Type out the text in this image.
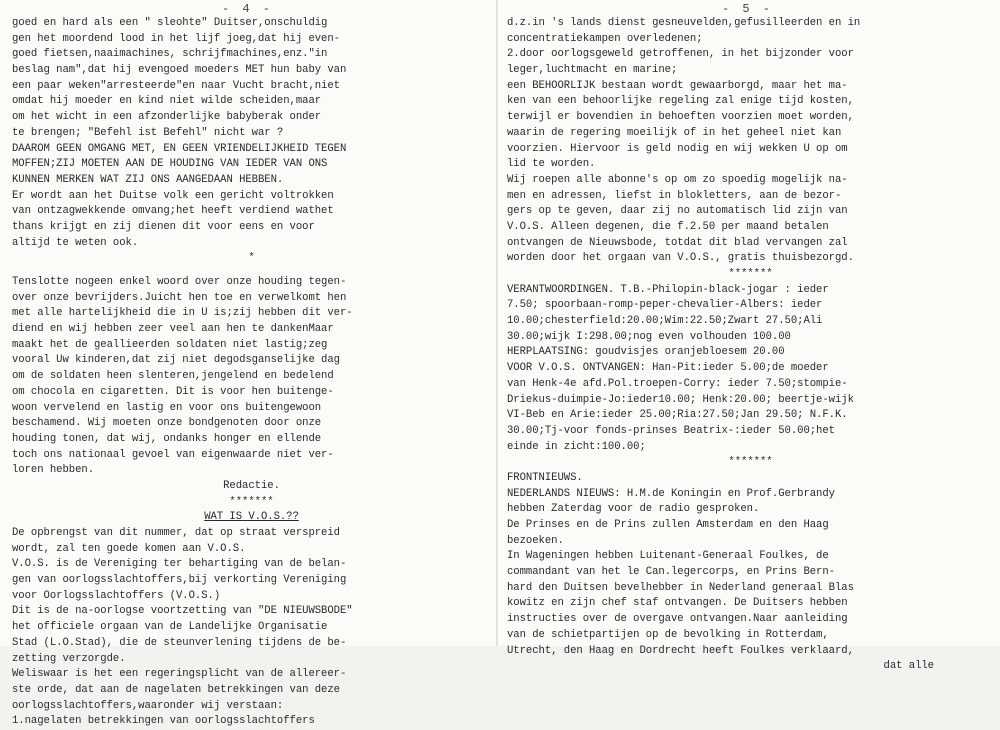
- 4 -	- 5 -
goed en hard als een " sleohte" Duitser,onschuldig
gen het moordend lood in het lijf joeg,dat hij even-
goed fietsen,naaimachines, schrijfmachines,enz."in
beslag nam",dat hij evengoed moeders MET hun baby van
een paar weken"arresteerde"en naar Vucht bracht,niet
omdat hij moeder en kind niet wilde scheiden,maar
om het wicht in een afzonderlijke babyberak onder
te brengen; "Befehl ist Befehl" nicht war ?
DAAROM GEEN OMGANG MET, EN GEEN VRIENDELIJKHEID TEGEN
MOFFEN;ZIJ MOETEN AAN DE HOUDING VAN IEDER VAN ONS
KUNNEN MERKEN WAT ZIJ ONS AANGEDAAN HEBBEN.
Er wordt aan het Duitse volk een gericht voltrokken
van ontzagwekkende omvang;het heeft verdiend wathet
thans krijgt en zij dienen dit voor eens en voor
altijd te weten ook.
*
Tenslotte nogeen enkel woord over onze houding tegen-
over onze bevrijders.Juicht hen toe en verwelkomt hen
met alle hartelijkheid die in U is;zij hebben dit ver-
diend en wij hebben zeer veel aan hen te dankenMaar
maakt het de geallieerden soldaten niet lastig;zeg
vooral Uw kinderen,dat zij niet degodsganselijke dag
om de soldaten heen slenteren,jengelend en bedelend
om chocola en cigaretten. Dit is voor hen buitenge-
woon vervelend en lastig en voor ons buitengewoon
beschamend. Wij moeten onze bondgenoten door onze
houding tonen, dat wij, ondanks honger en ellende
toch ons nationaal gevoel van eigenwaarde niet ver-
loren hebben.
Redactie.
*******
WAT IS V.O.S.??
De opbrengst van dit nummer, dat op straat verspreid
wordt, zal ten goede komen aan V.O.S.
V.O.S. is de Vereniging ter behartiging van de belan-
gen van oorlogsslachtoffers,bij verkorting Vereniging
voor Oorlogsslachtoffers (V.O.S.)
Dit is de na-oorlogse voortzetting van "DE NIEUWSBODE"
het officiele orgaan van de Landelijke Organisatie
Stad (L.O.Stad), die de steunverlening tijdens de be-
zetting verzorgde.
Weliswaar is het een regeringsplicht van de allereer-
ste orde, dat aan de nagelaten betrekkingen van deze
oorlogsslachtoffers,waaronder wij verstaan:
1.nagelaten betrekkingen van oorlogsslachtoffers
d.z.in 's lands dienst gesneuvelden,gefusilleerden en in
concentratiekampen overledenen;
2.door oorlogsgeweld getroffenen, in het bijzonder voor
leger,luchtmacht en marine;
een BEHOORLIJK bestaan wordt gewaarborgd, maar het ma-
ken van een behoorlijke regeling zal enige tijd kosten,
terwijl er bovendien in behoeften voorzien moet worden,
waarin de regering moeilijk of in het geheel niet kan
voorzien. Hiervoor is geld nodig en wij wekken U op om
lid te worden.
Wij roepen alle abonne's op om zo spoedig mogelijk na-
men en adressen, liefst in blokletters, aan de bezor-
gers op te geven, daar zij no automatisch lid zijn van
V.O.S. Alleen degenen, die f.2.50 per maand betalen
ontvangen de Nieuwsbode, totdat dit blad vervangen zal
worden door het orgaan van V.O.S., gratis thuisbezorgd.
*******
VERANTWOORDINGEN. T.B.-Philopin-black-jogar : ieder
7.50; spoorbaan-romp-peper-chevalier-Albers: ieder
10.00;chesterfield:20.00;Wim:22.50;Zwart 27.50;Ali
30.00;wijk I:298.00;nog even volhouden 100.00
HERPLAATSING: goudvisjes oranjebloesem 20.00
VOOR V.O.S. ONTVANGEN: Han-Pit:ieder 5.00;de moeder
van Henk-4e afd.Pol.troepen-Corry: ieder 7.50;stompie-
Driekus-duimpie-Jo:ieder10.00; Henk:20.00; beertje-wijk
VI-Beb en Arie:ieder 25.00;Ria:27.50;Jan 29.50; N.F.K.
30.00;Tj-voor fonds-prinses Beatrix-:ieder 50.00;het
einde in zicht:100.00;
*******
FRONTNIEUWS.
NEDERLANDS NIEUWS: H.M.de Koningin en Prof.Gerbrandy
hebben Zaterdag voor de radio gesproken.
De Prinses en de Prins zullen Amsterdam en den Haag
bezoeken.
In Wageningen hebben Luitenant-Generaal Foulkes, de
commandant van het le Can.legercorps, en Prins Bern-
hard den Duitsen bevelhebber in Nederland generaal Blas
kowitz en zijn chef staf ontvangen. De Duitsers hebben
instructies over de overgave ontvangen.Naar aanleiding
van de schietpartijen op de bevolking in Rotterdam,
Utrecht, den Haag en Dordrecht heeft Foulkes verklaard,
dat alle
